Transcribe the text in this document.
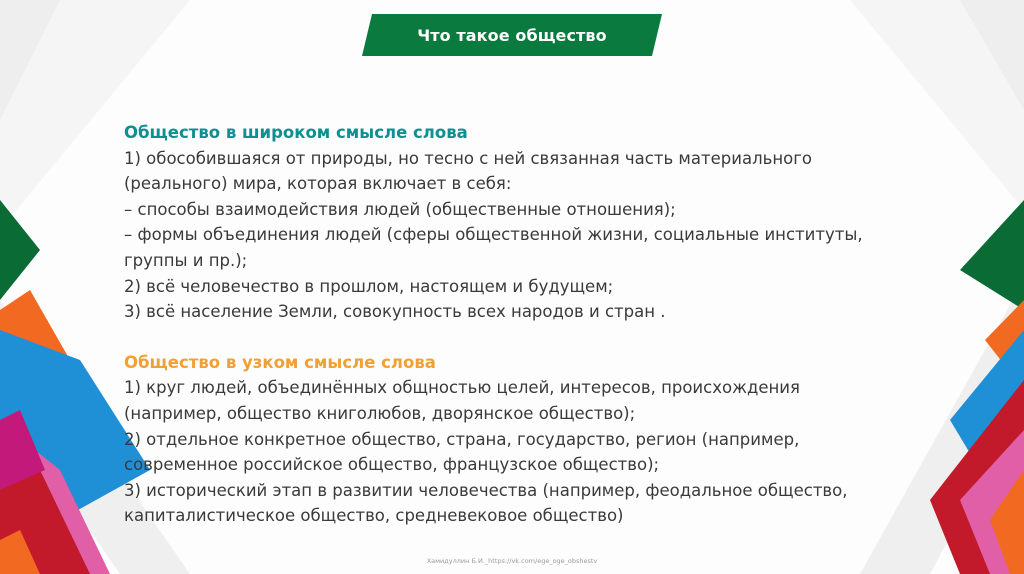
Что такое общество
Общество в широком смысле слова
1) обособившаяся от природы, но тесно с ней связанная часть материального
(реального) мира, которая включает в себя:
– способы взаимодействия людей (общественные отношения);
– формы объединения людей (сферы общественной жизни, социальные институты,
группы и пр.);
2) всё человечество в прошлом, настоящем и будущем;
3) всё население Земли, совокупность всех народов и стран .
Общество в узком смысле слова
1) круг людей, объединённых общностью целей, интересов, происхождения
(например, общество книголюбов, дворянское общество);
2) отдельное конкретное общество, страна, государство, регион (например,
современное российское общество, французское общество);
3) исторический этап в развитии человечества (например, феодальное общество,
капиталистическое общество, средневековое общество)
Хамидуллин Б.И._https://vk.com/ege_oge_obshestv
